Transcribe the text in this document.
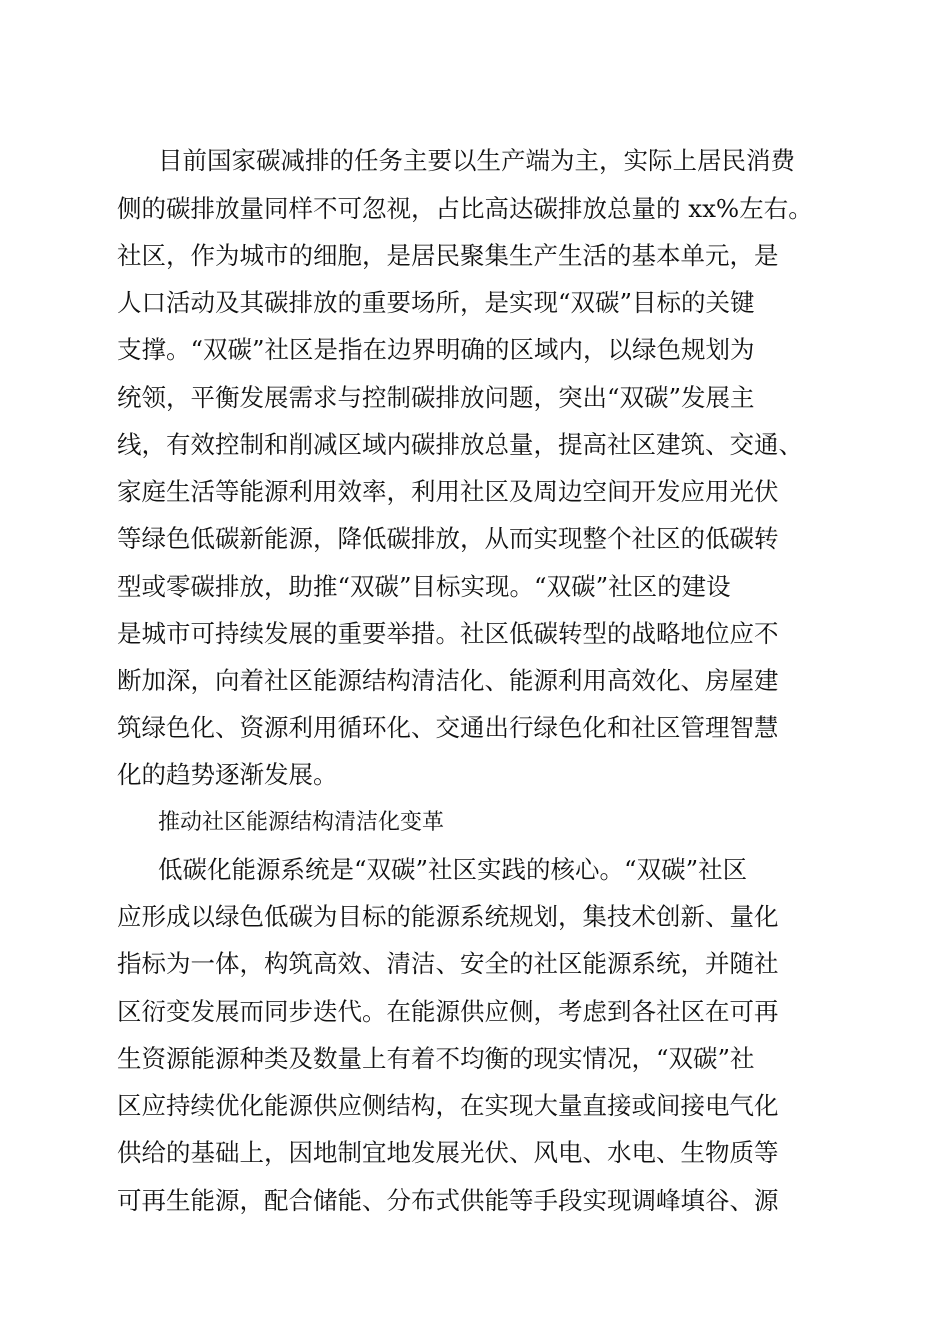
目前国家碳减排的任务主要以生产端为主，实际上居民消费
侧的碳排放量同样不可忽视，占比高达碳排放总量的 xx%左右。
社区，作为城市的细胞，是居民聚集生产生活的基本单元，是
人口活动及其碳排放的重要场所，是实现“双碳”目标的关键
支撑。“双碳”社区是指在边界明确的区域内，以绿色规划为
统领，平衡发展需求与控制碳排放问题，突出“双碳”发展主
线，有效控制和削减区域内碳排放总量，提高社区建筑、交通、
家庭生活等能源利用效率，利用社区及周边空间开发应用光伏
等绿色低碳新能源，降低碳排放，从而实现整个社区的低碳转
型或零碳排放，助推“双碳”目标实现。“双碳”社区的建设
是城市可持续发展的重要举措。社区低碳转型的战略地位应不
断加深，向着社区能源结构清洁化、能源利用高效化、房屋建
筑绿色化、资源利用循环化、交通出行绿色化和社区管理智慧
化的趋势逐渐发展。
推动社区能源结构清洁化变革
低碳化能源系统是“双碳”社区实践的核心。“双碳”社区
应形成以绿色低碳为目标的能源系统规划，集技术创新、量化
指标为一体，构筑高效、清洁、安全的社区能源系统，并随社
区衍变发展而同步迭代。在能源供应侧，考虑到各社区在可再
生资源能源种类及数量上有着不均衡的现实情况，“双碳”社
区应持续优化能源供应侧结构，在实现大量直接或间接电气化
供给的基础上，因地制宜地发展光伏、风电、水电、生物质等
可再生能源，配合储能、分布式供能等手段实现调峰填谷、源
